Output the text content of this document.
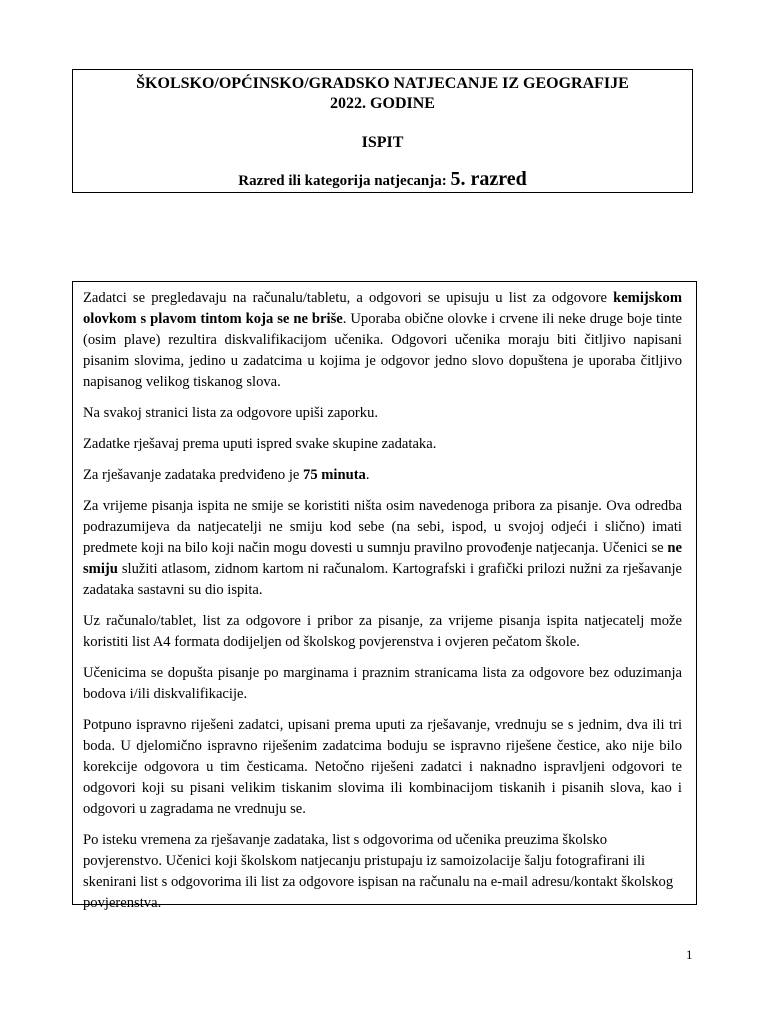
ŠKOLSKO/OPĆINSKO/GRADSKO NATJECANJE IZ GEOGRAFIJE
2022. GODINE
ISPIT
Razred ili kategorija natjecanja: 5. razred

Zadatci se pregledavaju na računalu/tabletu, a odgovori se upisuju u list za odgovore kemijskom olovkom s plavom tintom koja se ne briše. Uporaba obične olovke i crvene ili neke druge boje tinte (osim plave) rezultira diskvalifikacijom učenika. Odgovori učenika moraju biti čitljivo napisani pisanim slovima, jedino u zadatcima u kojima je odgovor jedno slovo dopuštena je uporaba čitljivo napisanog velikog tiskanog slova.

Na svakoj stranici lista za odgovore upiši zaporku.

Zadatke rješavaj prema uputi ispred svake skupine zadataka.

Za rješavanje zadataka predviđeno je 75 minuta.

Za vrijeme pisanja ispita ne smije se koristiti ništa osim navedenoga pribora za pisanje. Ova odredba podrazumijeva da natjecatelji ne smiju kod sebe (na sebi, ispod, u svojoj odjeći i slično) imati predmete koji na bilo koji način mogu dovesti u sumnju pravilno provođenje natjecanja. Učenici se ne smiju služiti atlasom, zidnom kartom ni računalom. Kartografski i grafički prilozi nužni za rješavanje zadataka sastavni su dio ispita.

Uz računalo/tablet, list za odgovore i pribor za pisanje, za vrijeme pisanja ispita natjecatelj može koristiti list A4 formata dodijeljen od školskog povjerenstva i ovjeren pečatom škole.

Učenicima se dopušta pisanje po marginama i praznim stranicama lista za odgovore bez oduzimanja bodova i/ili diskvalifikacije.

Potpuno ispravno riješeni zadatci, upisani prema uputi za rješavanje, vrednuju se s jednim, dva ili tri boda. U djelomično ispravno riješenim zadatcima boduju se ispravno riješene čestice, ako nije bilo korekcije odgovora u tim česticama. Netočno riješeni zadatci i naknadno ispravljeni odgovori te odgovori koji su pisani velikim tiskanim slovima ili kombinacijom tiskanih i pisanih slova, kao i odgovori u zagradama ne vrednuju se.

Po isteku vremena za rješavanje zadataka, list s odgovorima od učenika preuzima školsko povjerenstvo. Učenici koji školskom natjecanju pristupaju iz samoizolacije šalju fotografirani ili skenirani list s odgovorima ili list za odgovore ispisan na računalu na e-mail adresu/kontakt školskog povjerenstva.

1
